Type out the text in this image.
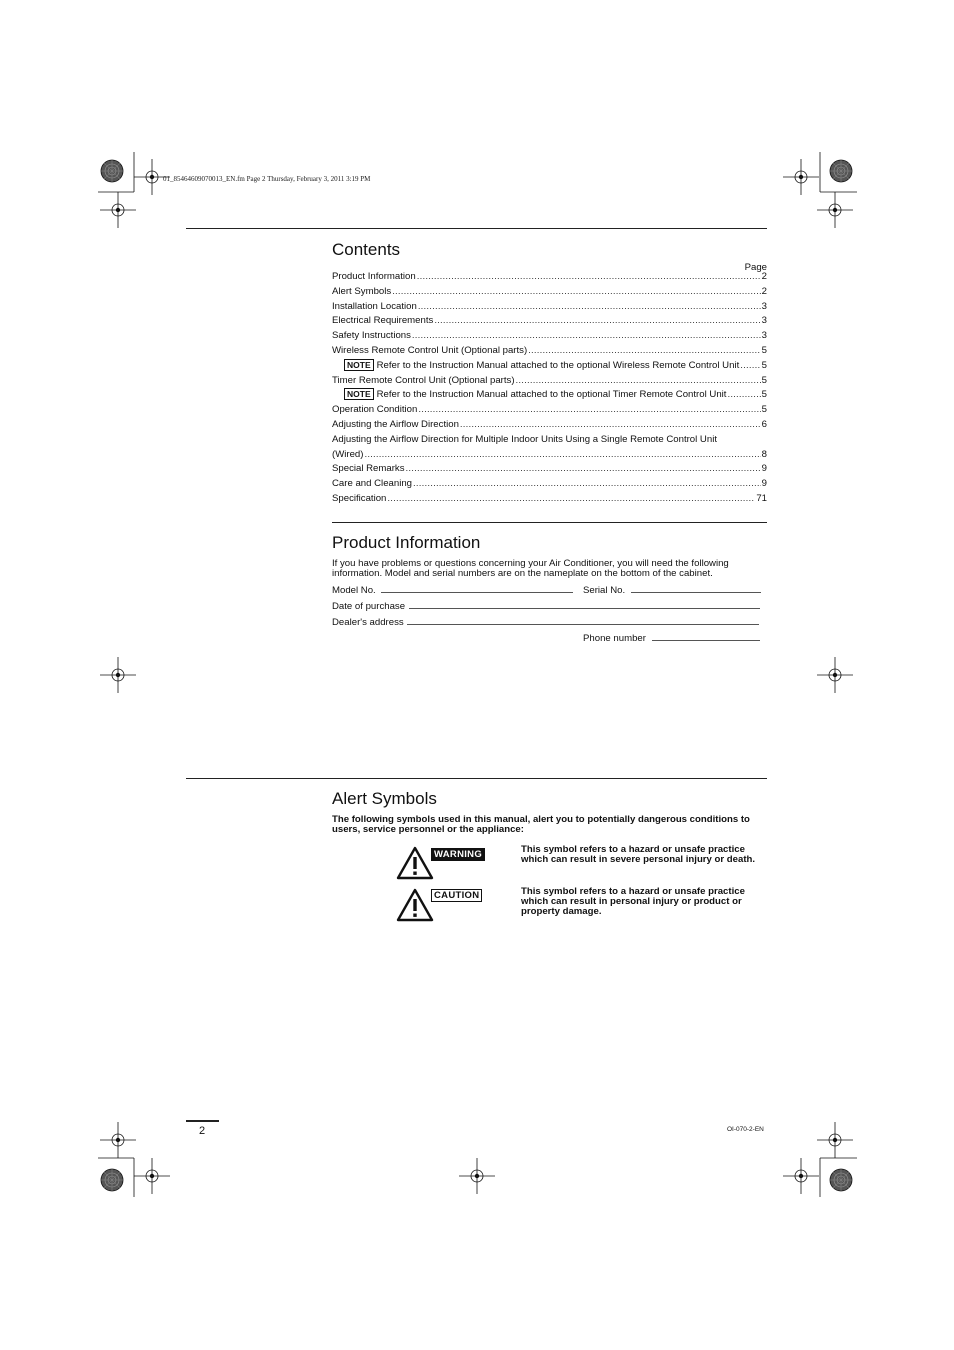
01_85464609070013_EN.fm Page 2 Thursday, February 3, 2011 3:19 PM
Contents
Page
Product Information .....	2
Alert Symbols .....	2
Installation Location .....	3
Electrical Requirements .....	3
Safety Instructions .....	3
Wireless Remote Control Unit (Optional parts) .....	5
NOTE Refer to the Instruction Manual attached to the optional Wireless Remote Control Unit ..... 5
Timer Remote Control Unit (Optional parts) .....	5
NOTE Refer to the Instruction Manual attached to the optional Timer Remote Control Unit .....	5
Operation Condition .....	5
Adjusting the Airflow Direction .....	6
Adjusting the Airflow Direction for Multiple Indoor Units Using a Single Remote Control Unit
(Wired) .....	8
Special Remarks .....	9
Care and Cleaning .....	9
Specification .....	71
Product Information
If you have problems or questions concerning your Air Conditioner, you will need the following information. Model and serial numbers are on the nameplate on the bottom of the cabinet.
Model No.	Serial No.
Date of purchase
Dealer's address
Phone number
Alert Symbols
The following symbols used in this manual, alert you to potentially dangerous conditions to users, service personnel or the appliance:
WARNING	This symbol refers to a hazard or unsafe practice which can result in severe personal injury or death.
CAUTION	This symbol refers to a hazard or unsafe practice which can result in personal injury or product or property damage.
2	OI-070-2-EN
